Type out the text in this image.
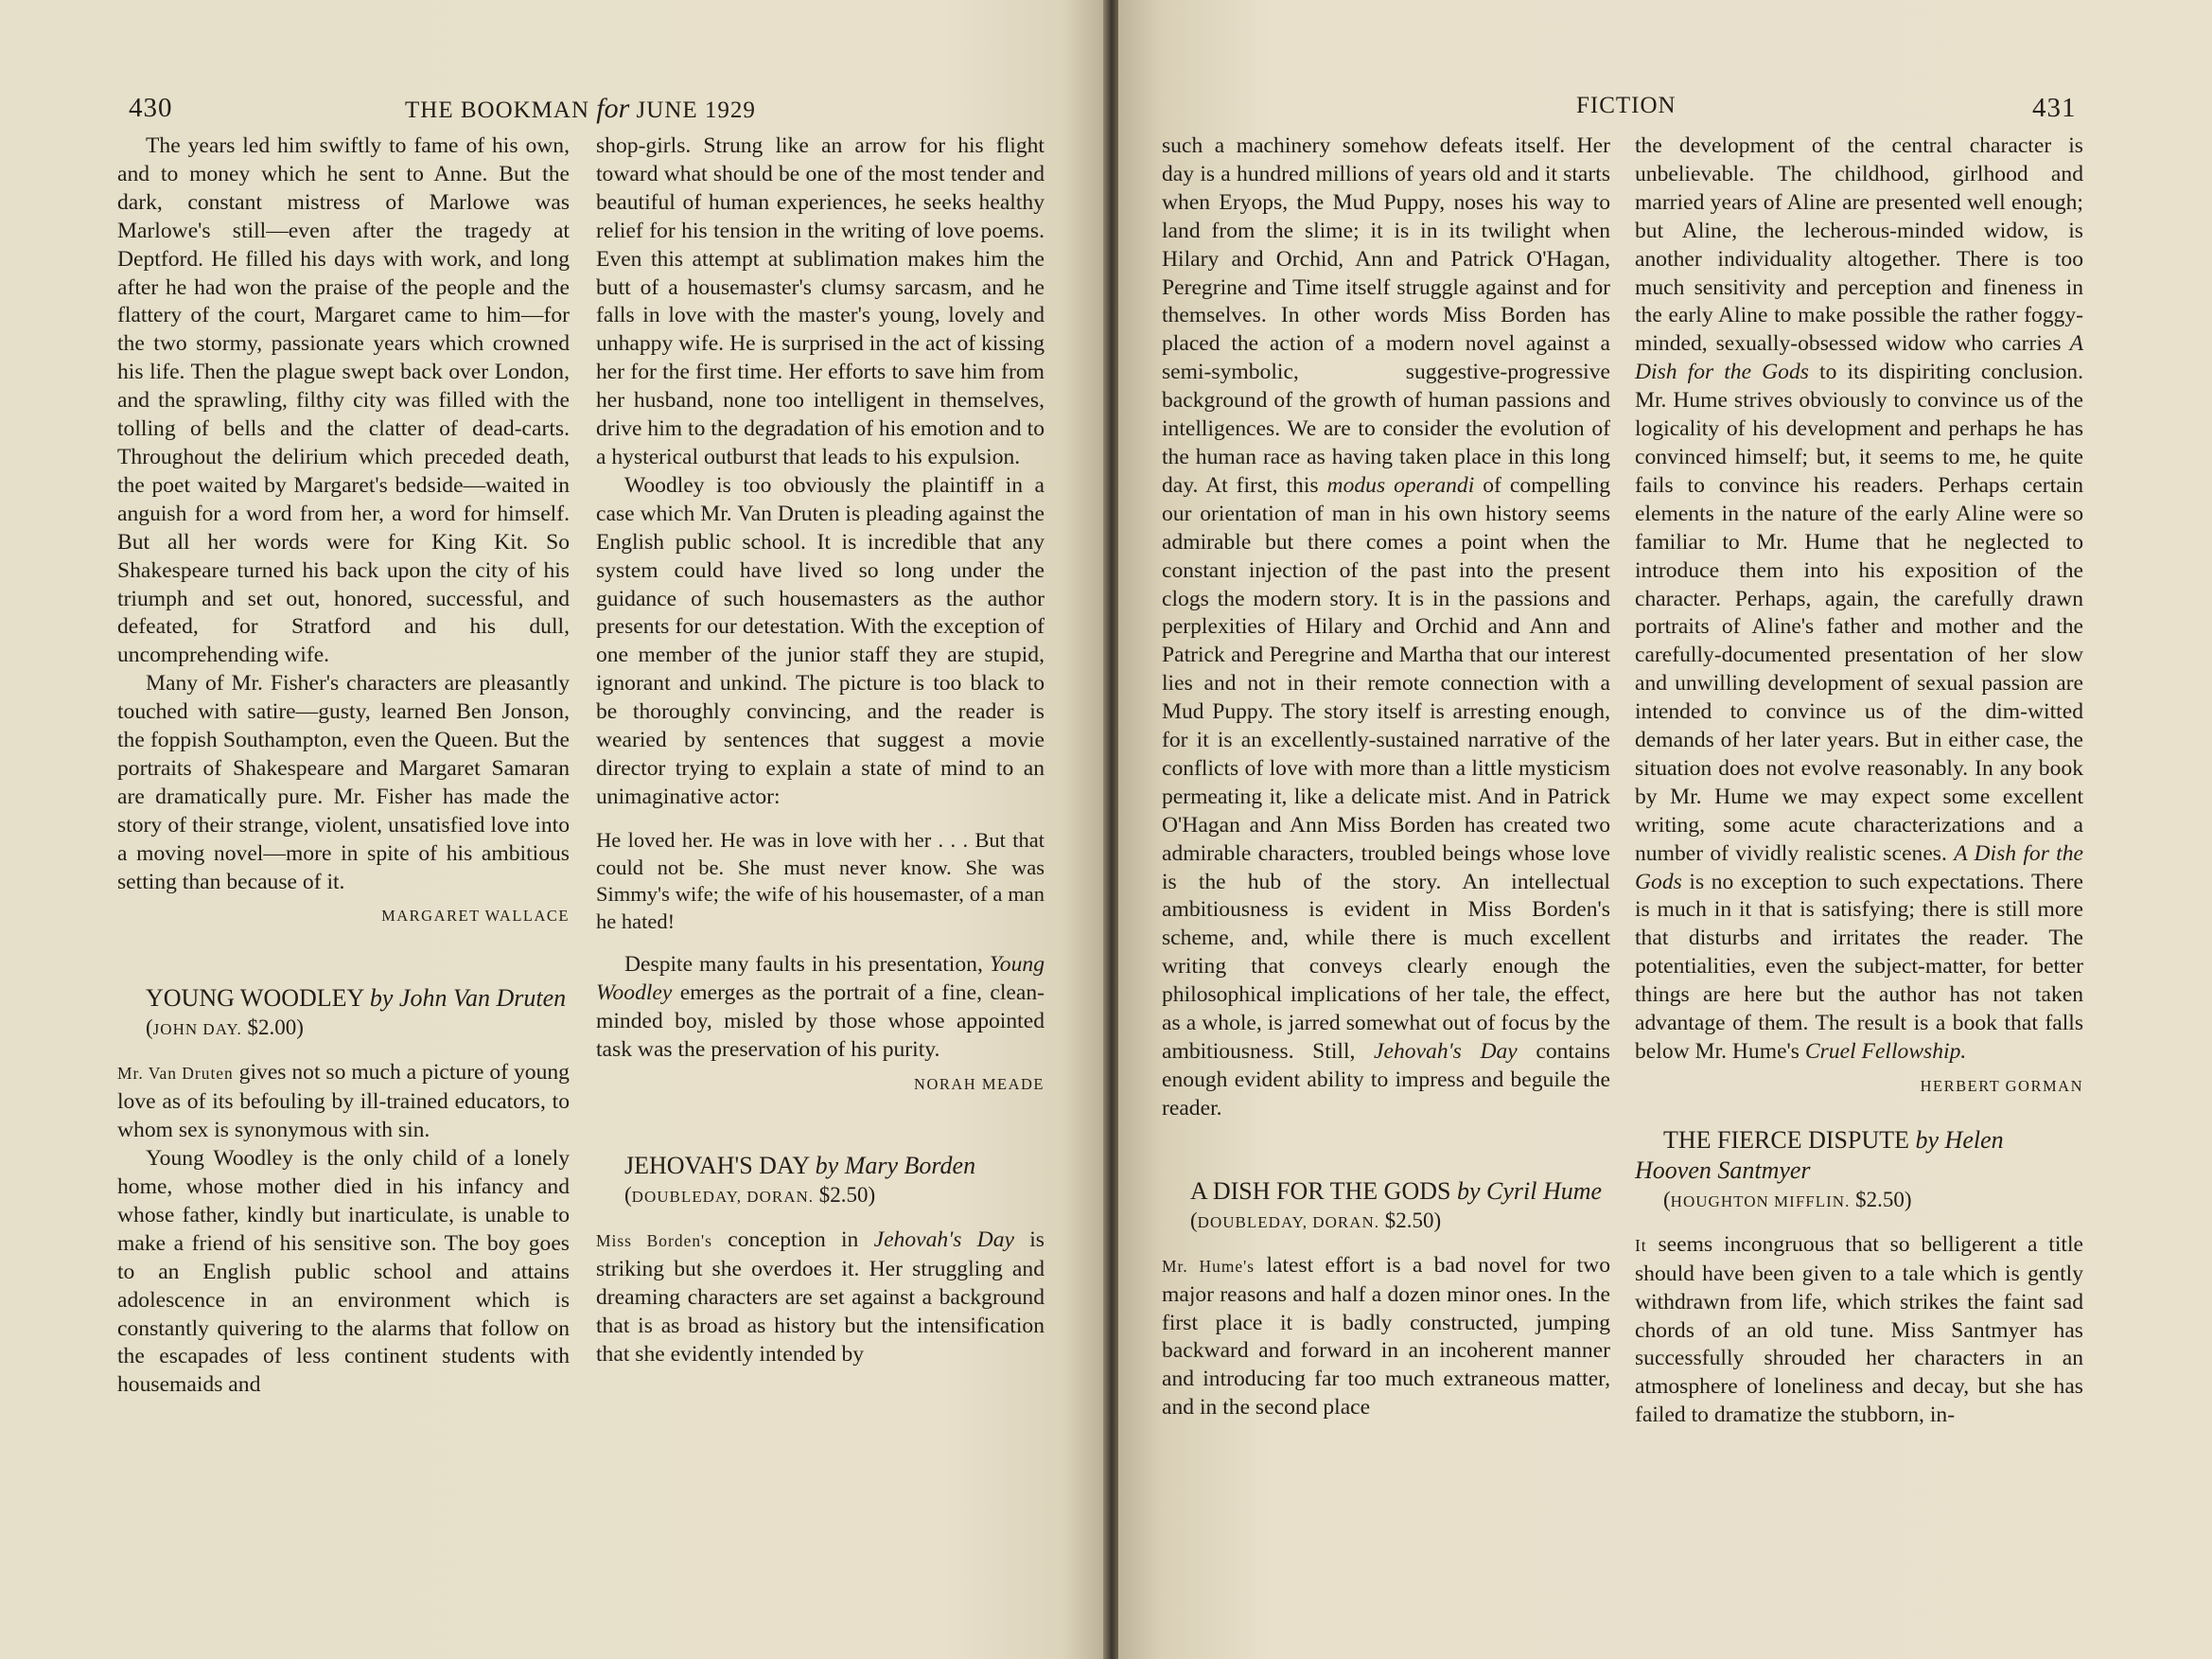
430	THE BOOKMAN for JUNE 1929

The years led him swiftly to fame of his own, and to money which he sent to Anne. But the dark, constant mistress of Marlowe was Marlowe's still—even after the tragedy at Deptford. He filled his days with work, and long after he had won the praise of the people and the flattery of the court, Margaret came to him—for the two stormy, passionate years which crowned his life. Then the plague swept back over London, and the sprawling, filthy city was filled with the tolling of bells and the clatter of dead-carts. Throughout the delirium which preceded death, the poet waited by Margaret's bedside—waited in anguish for a word from her, a word for himself. But all her words were for King Kit. So Shakespeare turned his back upon the city of his triumph and set out, honored, successful, and defeated, for Stratford and his dull, uncomprehending wife.

Many of Mr. Fisher's characters are pleasantly touched with satire—gusty, learned Ben Jonson, the foppish Southampton, even the Queen. But the portraits of Shakespeare and Margaret Samaran are dramatically pure. Mr. Fisher has made the story of their strange, violent, unsatisfied love into a moving novel—more in spite of his ambitious setting than because of it.

MARGARET WALLACE

YOUNG WOODLEY by John Van Druten

(JOHN DAY. $2.00)

Mr. Van Druten gives not so much a picture of young love as of its befouling by ill-trained educators, to whom sex is synonymous with sin.

Young Woodley is the only child of a lonely home, whose mother died in his infancy and whose father, kindly but inarticulate, is unable to make a friend of his sensitive son. The boy goes to an English public school and attains adolescence in an environment which is constantly quivering to the alarms that follow on the escapades of less continent students with housemaids and

shop-girls. Strung like an arrow for his flight toward what should be one of the most tender and beautiful of human experiences, he seeks healthy relief for his tension in the writing of love poems. Even this attempt at sublimation makes him the butt of a housemaster's clumsy sarcasm, and he falls in love with the master's young, lovely and unhappy wife. He is surprised in the act of kissing her for the first time. Her efforts to save him from her husband, none too intelligent in themselves, drive him to the degradation of his emotion and to a hysterical outburst that leads to his expulsion.

Woodley is too obviously the plaintiff in a case which Mr. Van Druten is pleading against the English public school. It is incredible that any system could have lived so long under the guidance of such housemasters as the author presents for our detestation. With the exception of one member of the junior staff they are stupid, ignorant and unkind. The picture is too black to be thoroughly convincing, and the reader is wearied by sentences that suggest a movie director trying to explain a state of mind to an unimaginative actor:

He loved her. He was in love with her . . . But that could not be. She must never know. She was Simmy's wife; the wife of his housemaster, of a man he hated!

Despite many faults in his presentation, Young Woodley emerges as the portrait of a fine, clean-minded boy, misled by those whose appointed task was the preservation of his purity.

NORAH MEADE

JEHOVAH'S DAY by Mary Borden

(DOUBLEDAY, DORAN. $2.50)

Miss Borden's conception in Jehovah's Day is striking but she overdoes it. Her struggling and dreaming characters are set against a background that is as broad as history but the intensification that she evidently intended by

FICTION	431

such a machinery somehow defeats itself. Her day is a hundred millions of years old and it starts when Eryops, the Mud Puppy, noses his way to land from the slime; it is in its twilight when Hilary and Orchid, Ann and Patrick O'Hagan, Peregrine and Time itself struggle against and for themselves. In other words Miss Borden has placed the action of a modern novel against a semi-symbolic, suggestive-progressive background of the growth of human passions and intelligences. We are to consider the evolution of the human race as having taken place in this long day. At first, this modus operandi of compelling our orientation of man in his own history seems admirable but there comes a point when the constant injection of the past into the present clogs the modern story. It is in the passions and perplexities of Hilary and Orchid and Ann and Patrick and Peregrine and Martha that our interest lies and not in their remote connection with a Mud Puppy. The story itself is arresting enough, for it is an excellently-sustained narrative of the conflicts of love with more than a little mysticism permeating it, like a delicate mist. And in Patrick O'Hagan and Ann Miss Borden has created two admirable characters, troubled beings whose love is the hub of the story. An intellectual ambitiousness is evident in Miss Borden's scheme, and, while there is much excellent writing that conveys clearly enough the philosophical implications of her tale, the effect, as a whole, is jarred somewhat out of focus by the ambitiousness. Still, Jehovah's Day contains enough evident ability to impress and beguile the reader.

A DISH FOR THE GODS by Cyril Hume

(DOUBLEDAY, DORAN. $2.50)

Mr. Hume's latest effort is a bad novel for two major reasons and half a dozen minor ones. In the first place it is badly constructed, jumping backward and forward in an incoherent manner and introducing far too much extraneous matter, and in the second place

the development of the central character is unbelievable. The childhood, girlhood and married years of Aline are presented well enough; but Aline, the lecherous-minded widow, is another individuality altogether. There is too much sensitivity and perception and fineness in the early Aline to make possible the rather foggy-minded, sexually-obsessed widow who carries A Dish for the Gods to its dispiriting conclusion. Mr. Hume strives obviously to convince us of the logicality of his development and perhaps he has convinced himself; but, it seems to me, he quite fails to convince his readers. Perhaps certain elements in the nature of the early Aline were so familiar to Mr. Hume that he neglected to introduce them into his exposition of the character. Perhaps, again, the carefully drawn portraits of Aline's father and mother and the carefully-documented presentation of her slow and unwilling development of sexual passion are intended to convince us of the dim-witted demands of her later years. But in either case, the situation does not evolve reasonably. In any book by Mr. Hume we may expect some excellent writing, some acute characterizations and a number of vividly realistic scenes. A Dish for the Gods is no exception to such expectations. There is much in it that is satisfying; there is still more that disturbs and irritates the reader. The potentialities, even the subject-matter, for better things are here but the author has not taken advantage of them. The result is a book that falls below Mr. Hume's Cruel Fellowship.

HERBERT GORMAN

THE FIERCE DISPUTE by Helen Hooven Santmyer

(HOUGHTON MIFFLIN. $2.50)

It seems incongruous that so belligerent a title should have been given to a tale which is gently withdrawn from life, which strikes the faint sad chords of an old tune. Miss Santmyer has successfully shrouded her characters in an atmosphere of loneliness and decay, but she has failed to dramatize the stubborn, in-
